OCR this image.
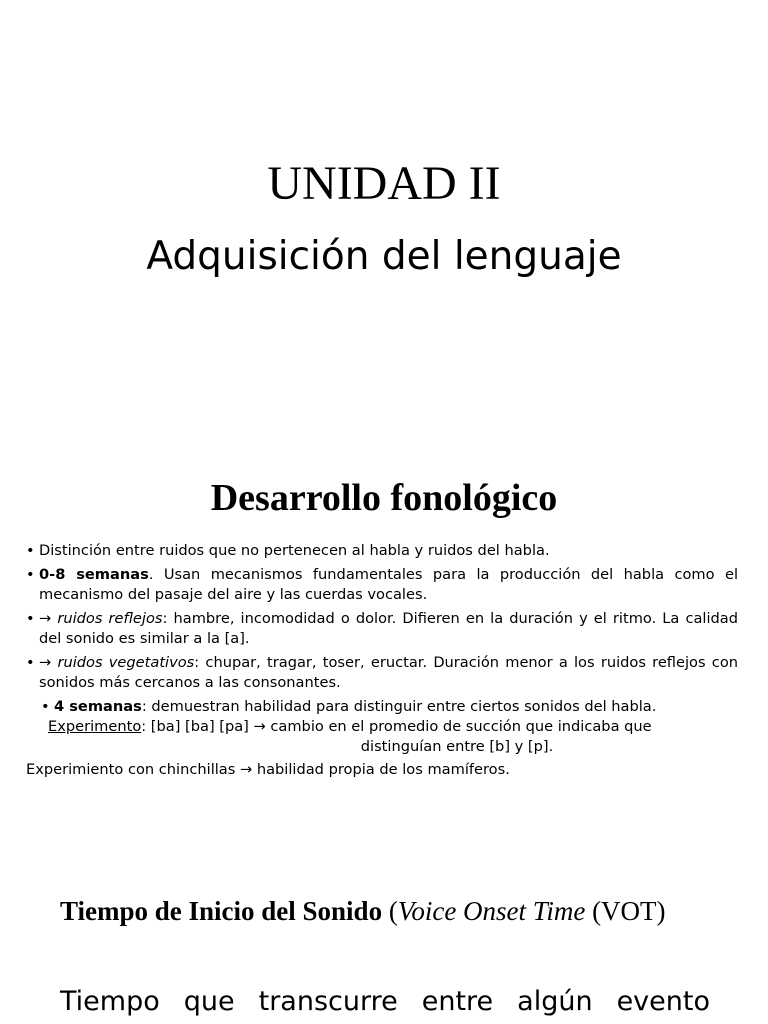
UNIDAD II
Adquisición del lenguaje
Desarrollo fonológico
• Distinción entre ruidos que no pertenecen al habla y ruidos del habla.
• 0-8 semanas. Usan mecanismos fundamentales para la producción del habla como el mecanismo del pasaje del aire y las cuerdas vocales.
• → ruidos reflejos: hambre, incomodidad o dolor. Difieren en la duración y el ritmo. La calidad del sonido es similar a la [a].
• → ruidos vegetativos: chupar, tragar, toser, eructar. Duración menor a los ruidos reflejos con sonidos más cercanos a las consonantes.
• 4 semanas: demuestran habilidad para distinguir entre ciertos sonidos del habla.
Experimento: [ba] [ba] [pa] → cambio en el promedio de succión que indicaba que
distinguían entre [b] y [p].
Experimiento con chinchillas → habilidad propia de los mamíferos.
Tiempo de Inicio del Sonido (Voice Onset Time (VOT)
Tiempo que transcurre entre algún evento
